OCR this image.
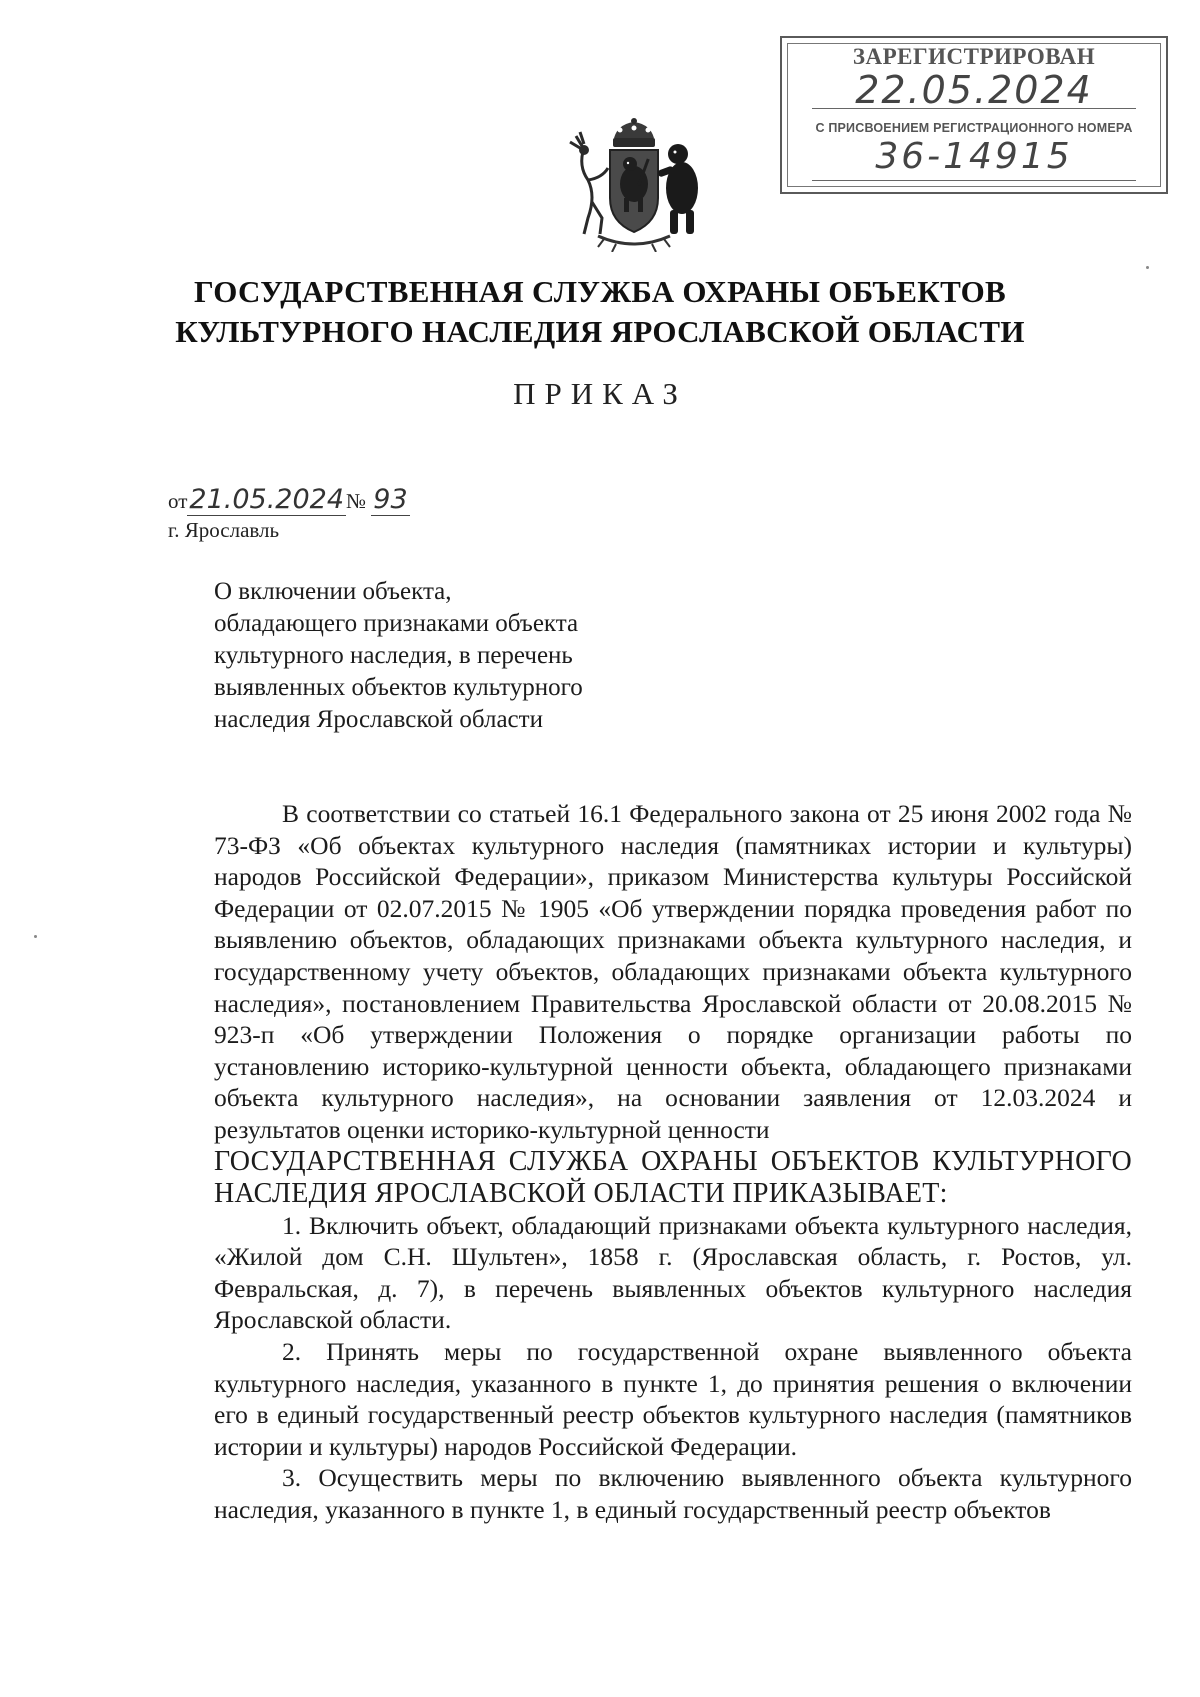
ЗАРЕГИСТРИРОВАН
22.05.2024
С ПРИСВОЕНИЕМ РЕГИСТРАЦИОННОГО НОМЕРА
36-14915
ГОСУДАРСТВЕННАЯ СЛУЖБА ОХРАНЫ ОБЪЕКТОВ
КУЛЬТУРНОГО НАСЛЕДИЯ ЯРОСЛАВСКОЙ ОБЛАСТИ
ПРИКАЗ
от21.05.2024№ 93
г. Ярославль
О включении объекта,
обладающего признаками объекта
культурного наследия, в перечень
выявленных объектов культурного
наследия Ярославской области

В соответствии со статьей 16.1 Федерального закона от 25 июня 2002 года № 73-ФЗ «Об объектах культурного наследия (памятниках истории и культуры) народов Российской Федерации», приказом Министерства культуры Российской Федерации от 02.07.2015 № 1905 «Об утверждении порядка проведения работ по выявлению объектов, обладающих признаками объекта культурного наследия, и государственному учету объектов, обладающих признаками объекта культурного наследия», постановлением Правительства Ярославской области от 20.08.2015 № 923-п «Об утверждении Положения о порядке организации работы по установлению историко-культурной ценности объекта, обладающего признаками объекта культурного наследия», на основании заявления от 12.03.2024 и результатов оценки историко-культурной ценности

ГОСУДАРСТВЕННАЯ СЛУЖБА ОХРАНЫ ОБЪЕКТОВ КУЛЬТУРНОГО НАСЛЕДИЯ ЯРОСЛАВСКОЙ ОБЛАСТИ ПРИКАЗЫВАЕТ:

1. Включить объект, обладающий признаками объекта культурного наследия, «Жилой дом С.Н. Шультен», 1858 г. (Ярославская область, г. Ростов, ул. Февральская, д. 7), в перечень выявленных объектов культурного наследия Ярославской области.

2. Принять меры по государственной охране выявленного объекта культурного наследия, указанного в пункте 1, до принятия решения о включении его в единый государственный реестр объектов культурного наследия (памятников истории и культуры) народов Российской Федерации.

3. Осуществить меры по включению выявленного объекта культурного наследия, указанного в пункте 1, в единый государственный реестр объектов
